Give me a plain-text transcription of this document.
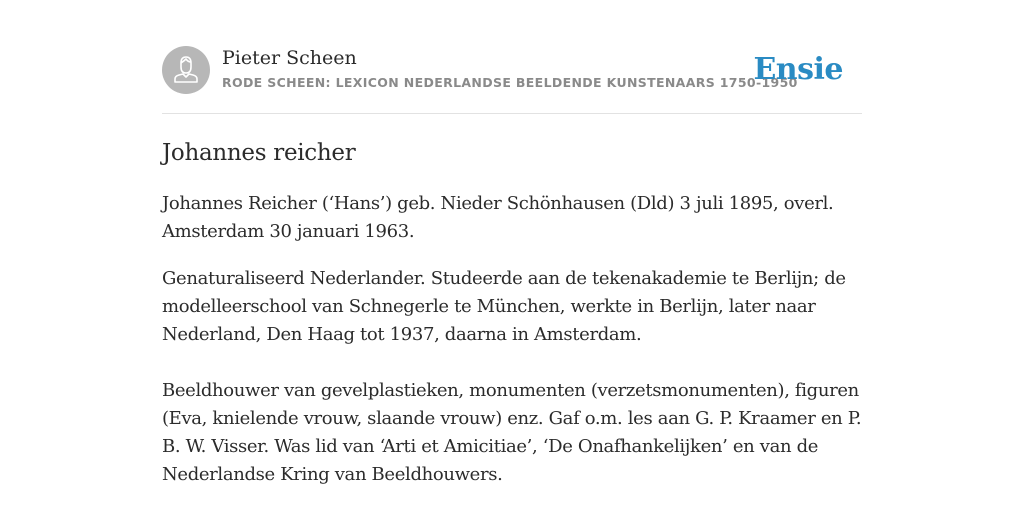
Pieter Scheen
RODE SCHEEN: LEXICON NEDERLANDSE BEELDENDE KUNSTENAARS 1750-1950
Ensie
Johannes reicher

Johannes Reicher (‘Hans’) geb. Nieder Schönhausen (Dld) 3 juli 1895, overl. Amsterdam 30 januari 1963.

Genaturaliseerd Nederlander. Studeerde aan de tekenakademie te Berlijn; de modelleerschool van Schnegerle te München, werkte in Berlijn, later naar Nederland, Den Haag tot 1937, daarna in Amsterdam.

Beeldhouwer van gevelplastieken, monumenten (verzetsmonumenten), figuren (Eva, knielende vrouw, slaande vrouw) enz. Gaf o.m. les aan G. P. Kraamer en P. B. W. Visser. Was lid van ‘Arti et Amicitiae’, ‘De Onafhankelijken’ en van de Nederlandse Kring van Beeldhouwers.
